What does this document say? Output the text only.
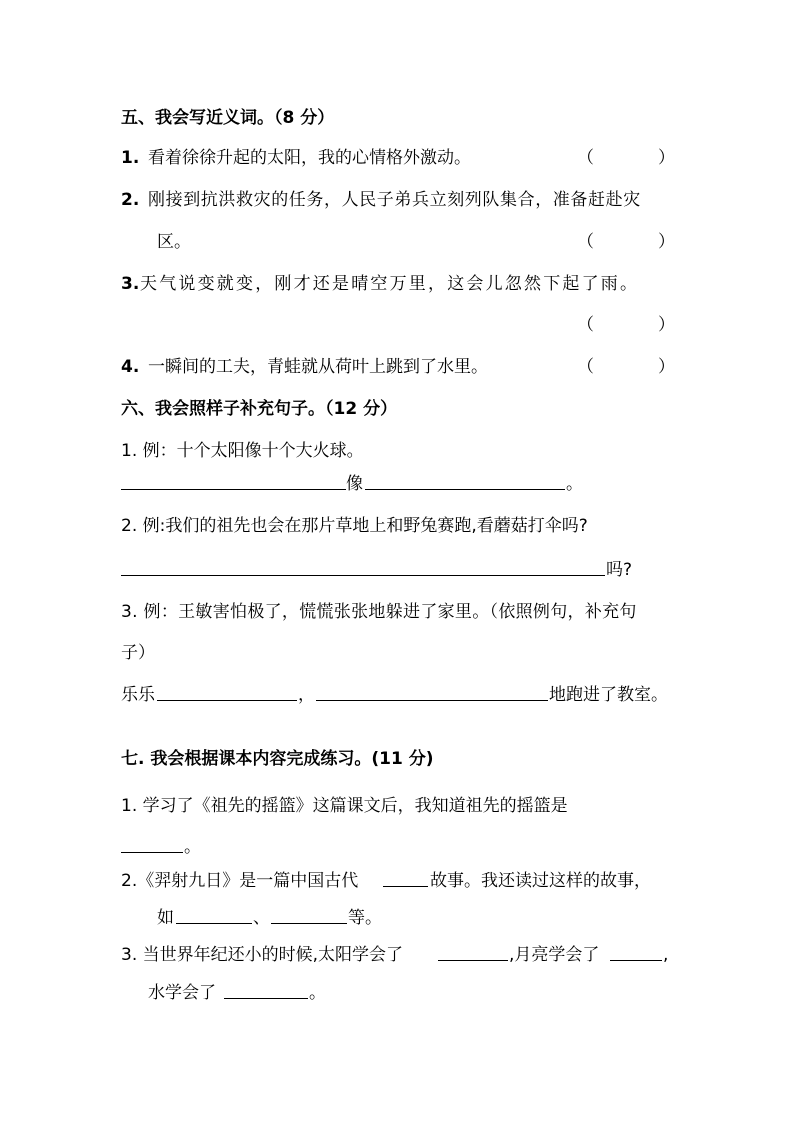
五、我会写近义词。（8 分）
1. 看着徐徐升起的太阳，我的心情格外激动。	（	）
2. 刚接到抗洪救灾的任务，人民子弟兵立刻列队集合，准备赶赴灾
区。	（	）
3. 天气说变就变，刚才还是晴空万里，这会儿忽然下起了雨。
（	）
4. 一瞬间的工夫，青蛙就从荷叶上跳到了水里。	（	）
六、我会照样子补充句子。（12 分）
1. 例：十个太阳像十个大火球。
像	。
2. 例:我们的祖先也会在那片草地上和野兔赛跑,看蘑菇打伞吗?
吗?
3. 例：王敏害怕极了，慌慌张张地躲进了家里。（依照例句，补充句
子）
乐乐	，	地跑进了教室。
七. 我会根据课本内容完成练习。(11 分)
1. 学习了《祖先的摇篮》这篇课文后，我知道祖先的摇篮是
。
2.《羿射九日》是一篇中国古代	故事。我还读过这样的故事，
如	、	等。
3. 当世界年纪还小的时候,太阳学会了	,月亮学会了	,
水学会了	。
